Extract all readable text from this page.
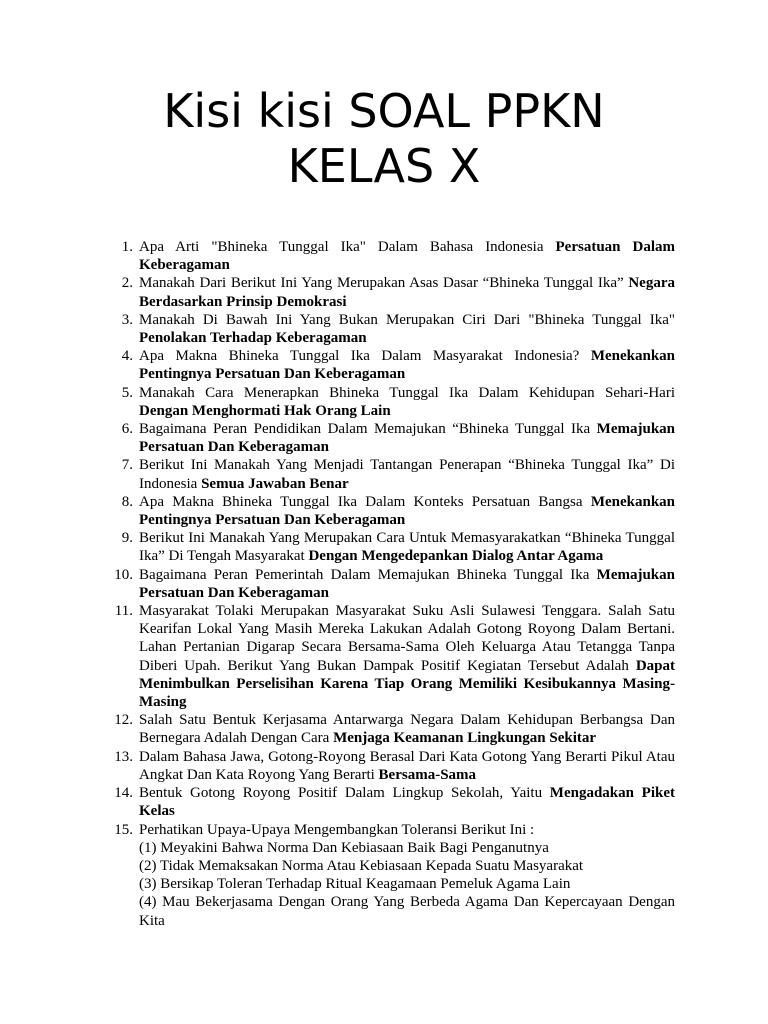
Kisi kisi SOAL PPKN
KELAS X
1. Apa Arti "Bhineka Tunggal Ika" Dalam Bahasa Indonesia Persatuan Dalam Keberagaman
2. Manakah Dari Berikut Ini Yang Merupakan Asas Dasar “Bhineka Tunggal Ika” Negara Berdasarkan Prinsip Demokrasi
3. Manakah Di Bawah Ini Yang Bukan Merupakan Ciri Dari "Bhineka Tunggal Ika" Penolakan Terhadap Keberagaman
4. Apa Makna Bhineka Tunggal Ika Dalam Masyarakat Indonesia? Menekankan Pentingnya Persatuan Dan Keberagaman
5. Manakah Cara Menerapkan Bhineka Tunggal Ika Dalam Kehidupan Sehari-Hari Dengan Menghormati Hak Orang Lain
6. Bagaimana Peran Pendidikan Dalam Memajukan “Bhineka Tunggal Ika Memajukan Persatuan Dan Keberagaman
7. Berikut Ini Manakah Yang Menjadi Tantangan Penerapan “Bhineka Tunggal Ika” Di Indonesia Semua Jawaban Benar
8. Apa Makna Bhineka Tunggal Ika Dalam Konteks Persatuan Bangsa Menekankan Pentingnya Persatuan Dan Keberagaman
9. Berikut Ini Manakah Yang Merupakan Cara Untuk Memasyarakatkan “Bhineka Tunggal Ika” Di Tengah Masyarakat Dengan Mengedepankan Dialog Antar Agama
10. Bagaimana Peran Pemerintah Dalam Memajukan Bhineka Tunggal Ika Memajukan Persatuan Dan Keberagaman
11. Masyarakat Tolaki Merupakan Masyarakat Suku Asli Sulawesi Tenggara. Salah Satu Kearifan Lokal Yang Masih Mereka Lakukan Adalah Gotong Royong Dalam Bertani. Lahan Pertanian Digarap Secara Bersama-Sama Oleh Keluarga Atau Tetangga Tanpa Diberi Upah. Berikut Yang Bukan Dampak Positif Kegiatan Tersebut Adalah Dapat Menimbulkan Perselisihan Karena Tiap Orang Memiliki Kesibukannya Masing-Masing
12. Salah Satu Bentuk Kerjasama Antarwarga Negara Dalam Kehidupan Berbangsa Dan Bernegara Adalah Dengan Cara Menjaga Keamanan Lingkungan Sekitar
13. Dalam Bahasa Jawa, Gotong-Royong Berasal Dari Kata Gotong Yang Berarti Pikul Atau Angkat Dan Kata Royong Yang Berarti Bersama-Sama
14. Bentuk Gotong Royong Positif Dalam Lingkup Sekolah, Yaitu Mengadakan Piket Kelas
15. Perhatikan Upaya-Upaya Mengembangkan Toleransi Berikut Ini :
(1) Meyakini Bahwa Norma Dan Kebiasaan Baik Bagi Penganutnya
(2) Tidak Memaksakan Norma Atau Kebiasaan Kepada Suatu Masyarakat
(3) Bersikap Toleran Terhadap Ritual Keagamaan Pemeluk Agama Lain
(4) Mau Bekerjasama Dengan Orang Yang Berbeda Agama Dan Kepercayaan Dengan Kita
